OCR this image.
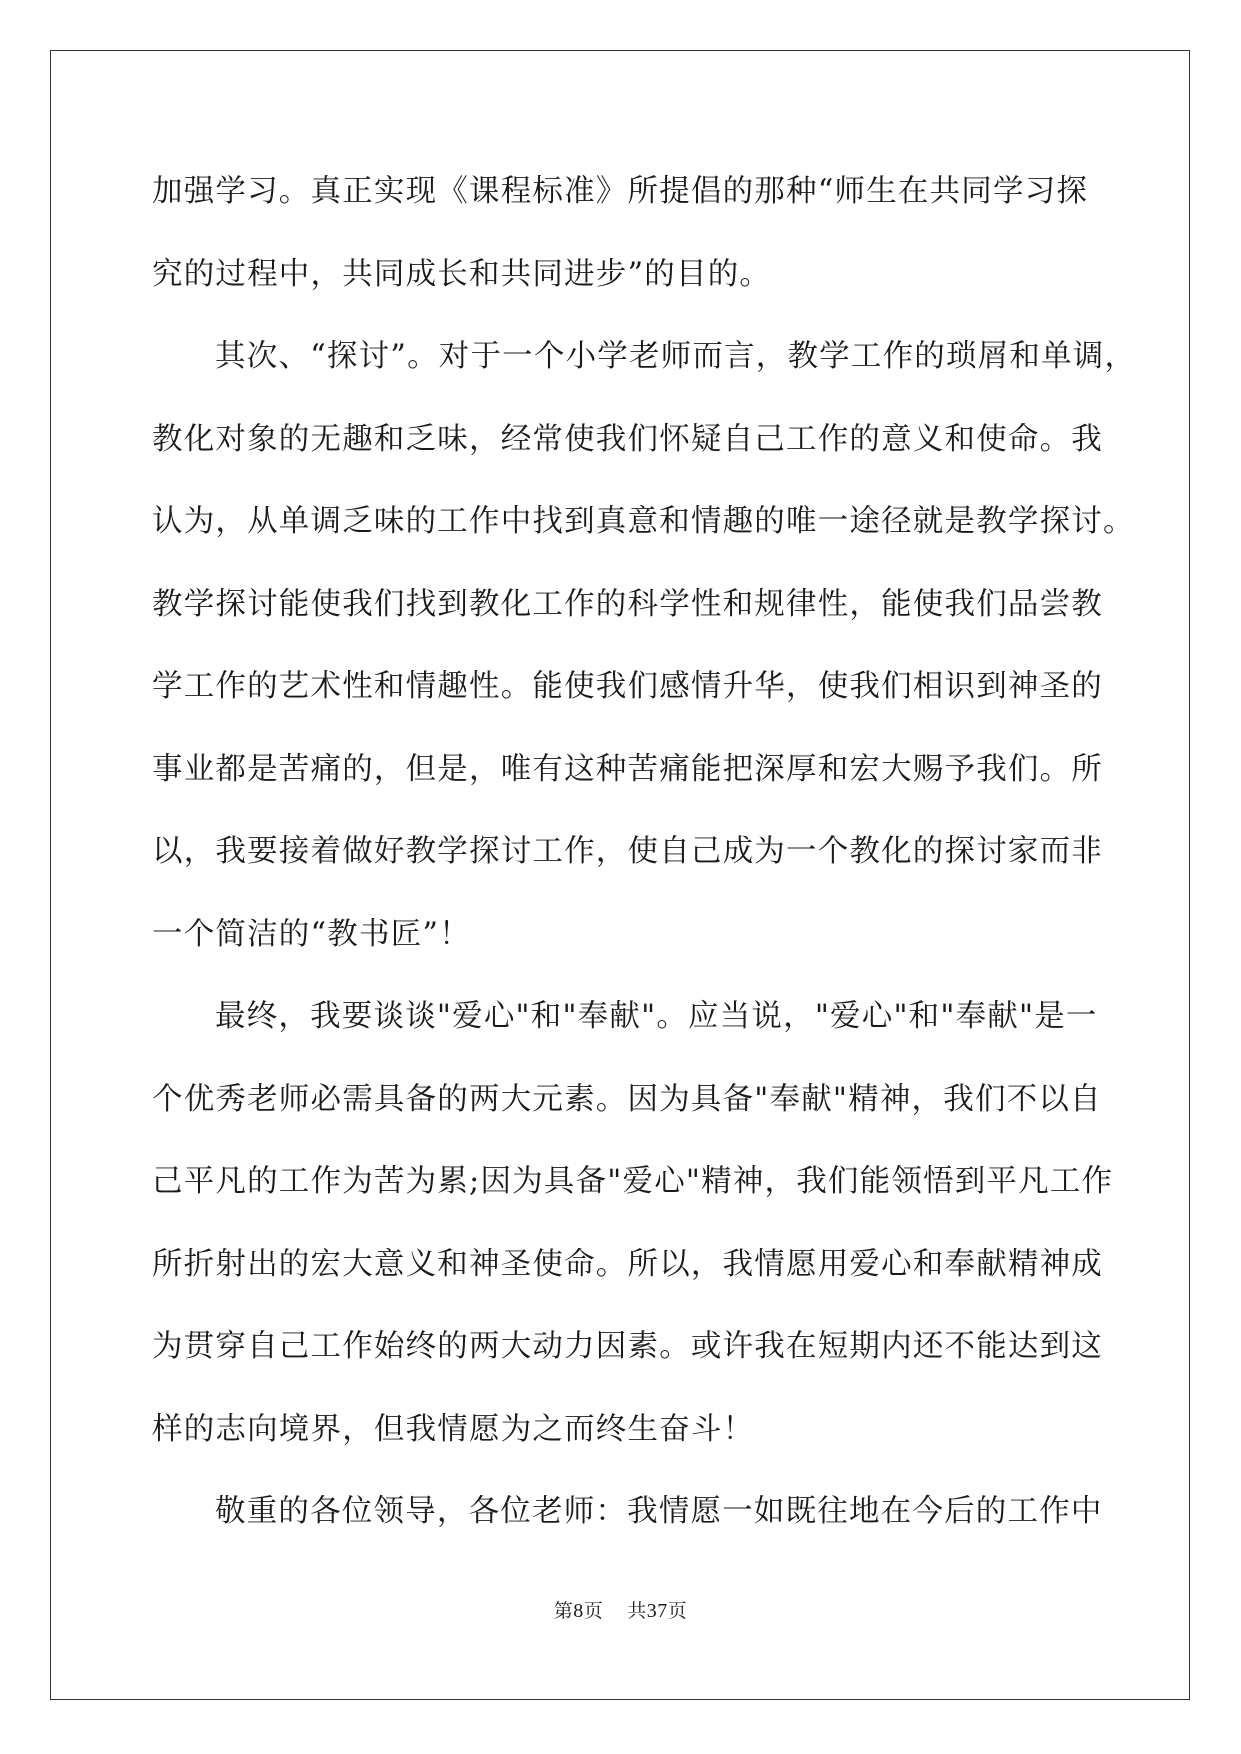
加强学习。真正实现《课程标准》所提倡的那种“师生在共同学习探
究的过程中，共同成长和共同进步”的目的。
其次、“探讨”。对于一个小学老师而言，教学工作的琐屑和单调，
教化对象的无趣和乏味，经常使我们怀疑自己工作的意义和使命。我
认为，从单调乏味的工作中找到真意和情趣的唯一途径就是教学探讨。
教学探讨能使我们找到教化工作的科学性和规律性，能使我们品尝教
学工作的艺术性和情趣性。能使我们感情升华，使我们相识到神圣的
事业都是苦痛的，但是，唯有这种苦痛能把深厚和宏大赐予我们。所
以，我要接着做好教学探讨工作，使自己成为一个教化的探讨家而非
一个简洁的“教书匠”！
最终，我要谈谈"爱心"和"奉献"。应当说，"爱心"和"奉献"是一
个优秀老师必需具备的两大元素。因为具备"奉献"精神，我们不以自
己平凡的工作为苦为累;因为具备"爱心"精神，我们能领悟到平凡工作
所折射出的宏大意义和神圣使命。所以，我情愿用爱心和奉献精神成
为贯穿自己工作始终的两大动力因素。或许我在短期内还不能达到这
样的志向境界，但我情愿为之而终生奋斗！
敬重的各位领导，各位老师：我情愿一如既往地在今后的工作中
第8页 共37页
